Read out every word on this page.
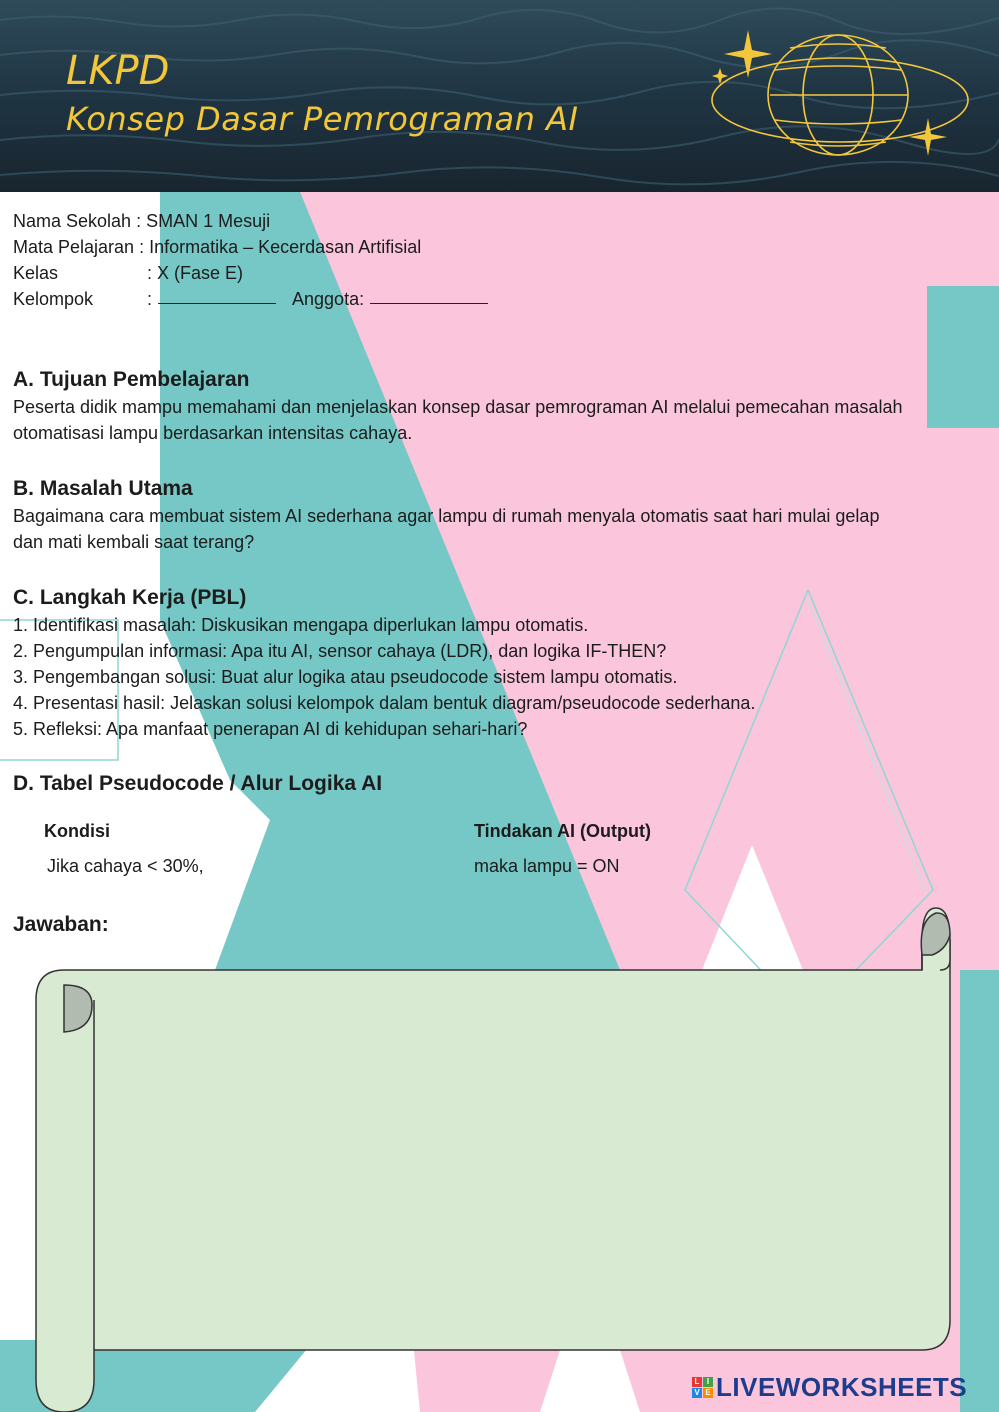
LKPD
Konsep Dasar Pemrograman AI
Nama Sekolah :
SMAN 1 Mesuji
Mata Pelajaran :
Informatika – Kecerdasan Artifisial
Kelas	: X (Fase E)
Kelompok	:	Anggota:
A. Tujuan Pembelajaran

Peserta didik mampu memahami dan menjelaskan konsep dasar pemrograman AI melalui pemecahan masalah

otomatisasi lampu berdasarkan intensitas cahaya.

B. Masalah Utama

Bagaimana cara membuat sistem AI sederhana agar lampu di rumah menyala otomatis saat hari mulai gelap

dan mati kembali saat terang?

C. Langkah Kerja (PBL)
1. Identifikasi masalah: Diskusikan mengapa diperlukan lampu otomatis.
2. Pengumpulan informasi: Apa itu AI, sensor cahaya (LDR), dan logika IF-THEN?
3. Pengembangan solusi: Buat alur logika atau pseudocode sistem lampu otomatis.
4. Presentasi hasil: Jelaskan solusi kelompok dalam bentuk diagram/pseudocode sederhana.
5. Refleksi: Apa manfaat penerapan AI di kehidupan sehari-hari?
D. Tabel Pseudocode / Alur Logika AI
Kondisi	Tindakan AI (Output)
Jika cahaya < 30%,	maka lampu = ON
Jawaban:
L I
V E LIVEWORKSHEETS
